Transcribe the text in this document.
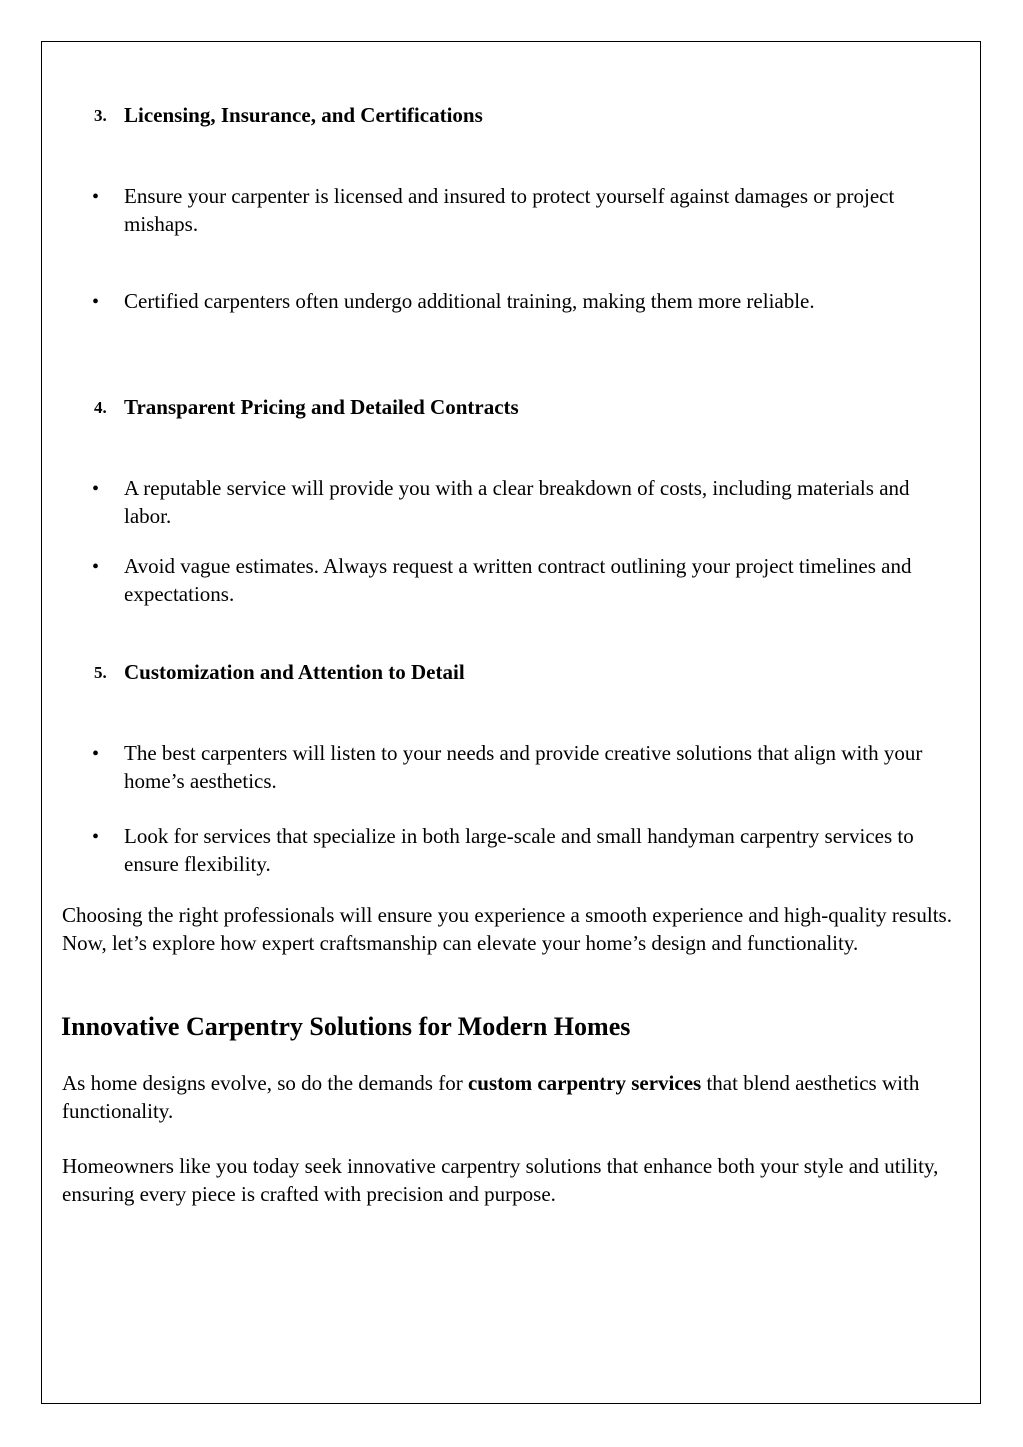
3. Licensing, Insurance, and Certifications
• Ensure your carpenter is licensed and insured to protect yourself against damages or project mishaps.

• Certified carpenters often undergo additional training, making them more reliable.

4. Transparent Pricing and Detailed Contracts
• A reputable service will provide you with a clear breakdown of costs, including materials and labor.

• Avoid vague estimates. Always request a written contract outlining your project timelines and expectations.

5. Customization and Attention to Detail
• The best carpenters will listen to your needs and provide creative solutions that align with your home’s aesthetics.

• Look for services that specialize in both large-scale and small handyman carpentry services to ensure flexibility.

Choosing the right professionals will ensure you experience a smooth experience and high-quality results. Now, let’s explore how expert craftsmanship can elevate your home’s design and functionality.

Innovative Carpentry Solutions for Modern Homes

As home designs evolve, so do the demands for custom carpentry services that blend aesthetics with functionality.

Homeowners like you today seek innovative carpentry solutions that enhance both your style and utility, ensuring every piece is crafted with precision and purpose.
